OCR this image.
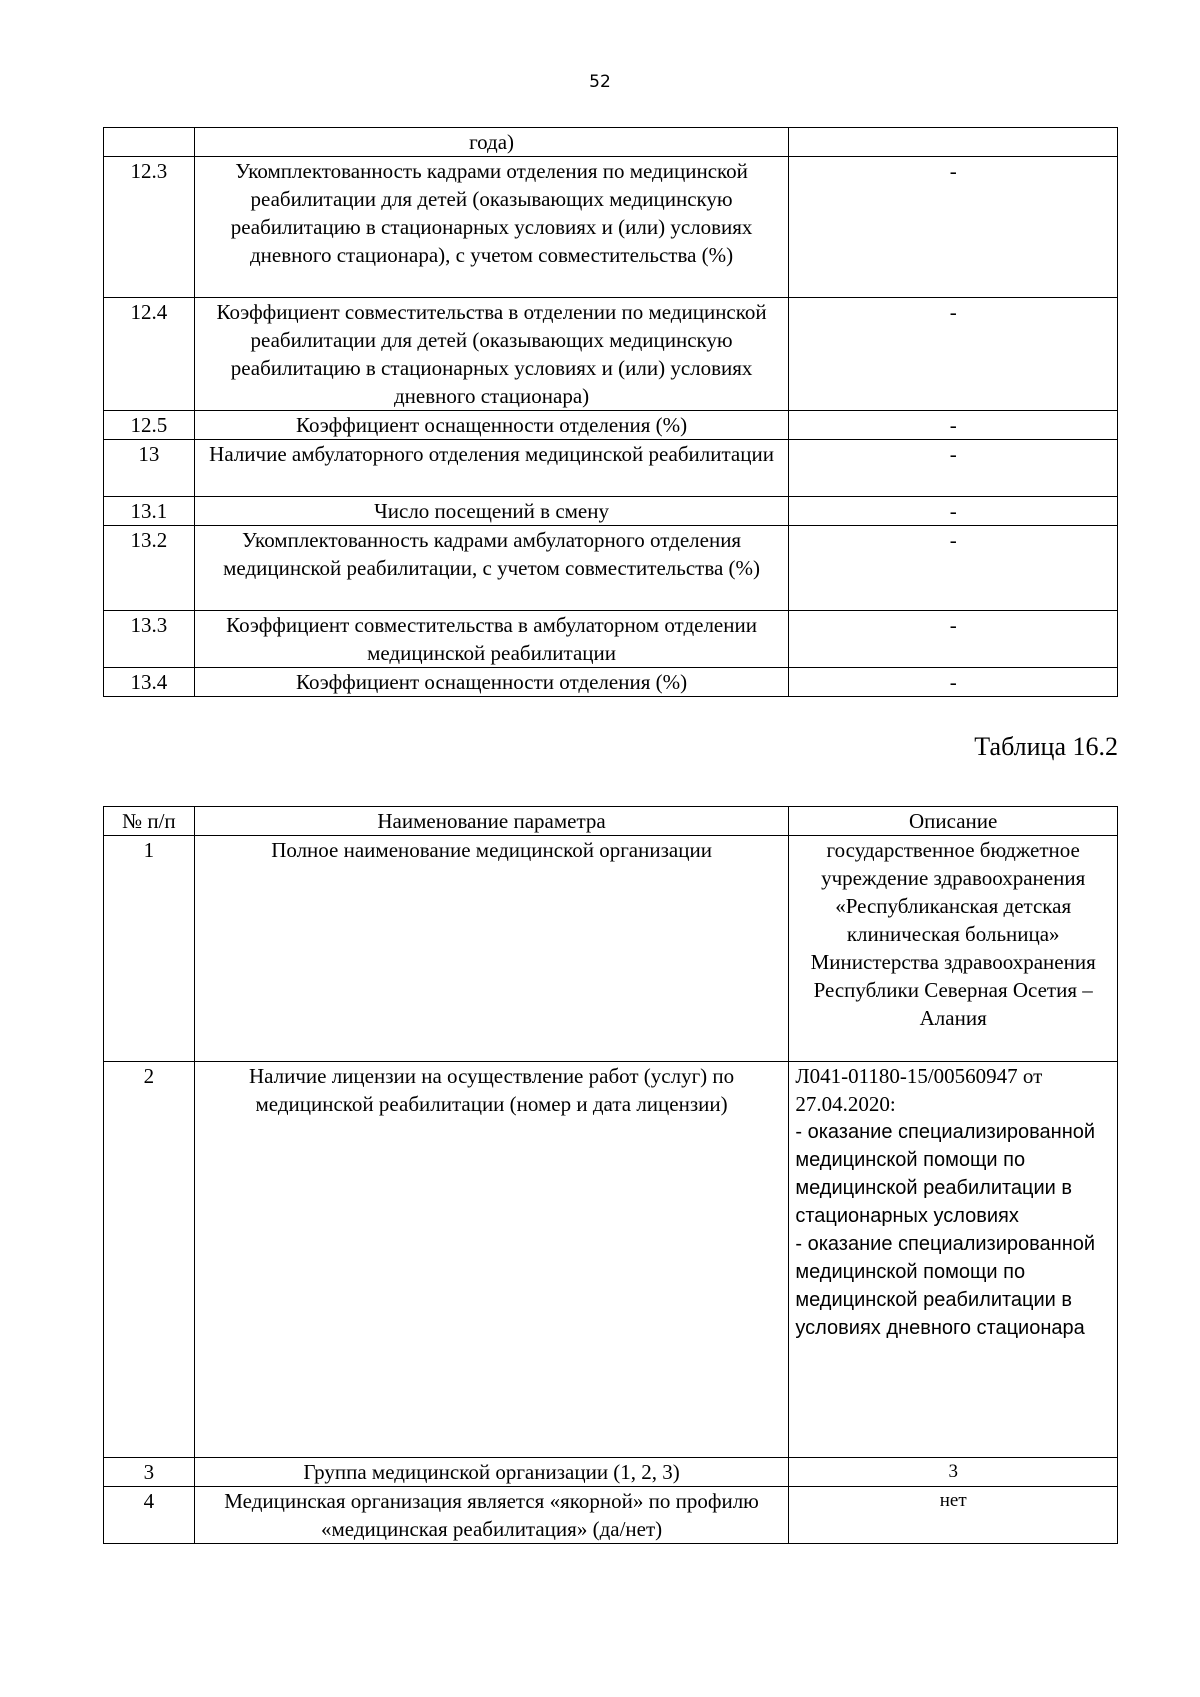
52
	года)	
12.3	Укомплектованность кадрами отделения по медицинской реабилитации для детей (оказывающих медицинскую реабилитацию в стационарных условиях и (или) условиях дневного стационара), с учетом совместительства (%)	-
12.4	Коэффициент совместительства в отделении по медицинской реабилитации для детей (оказывающих медицинскую реабилитацию в стационарных условиях и (или) условиях дневного стационара)	-
12.5	Коэффициент оснащенности отделения (%)	-
13	Наличие амбулаторного отделения медицинской реабилитации	-
13.1	Число посещений в смену	-
13.2	Укомплектованность кадрами амбулаторного отделения медицинской реабилитации, с учетом совместительства (%)	-
13.3	Коэффициент совместительства в амбулаторном отделении медицинской реабилитации	-
13.4	Коэффициент оснащенности отделения (%)	-
Таблица 16.2
№ п/п	Наименование параметра	Описание
1	Полное наименование медицинской организации	государственное бюджетное учреждение здравоохранения «Республиканская детская клиническая больница» Министерства здравоохранения Республики Северная Осетия – Алания
2	Наличие лицензии на осуществление работ (услуг) по медицинской реабилитации (номер и дата лицензии)	Л041-01180-15/00560947 от 27.04.2020:
- оказание специализированной медицинской помощи по медицинской реабилитации в стационарных условиях
- оказание специализированной медицинской помощи по медицинской реабилитации в условиях дневного стационара

3	Группа медицинской организации (1, 2, 3)	3
4	Медицинская организация является «якорной» по профилю «медицинская реабилитация» (да/нет)	нет
